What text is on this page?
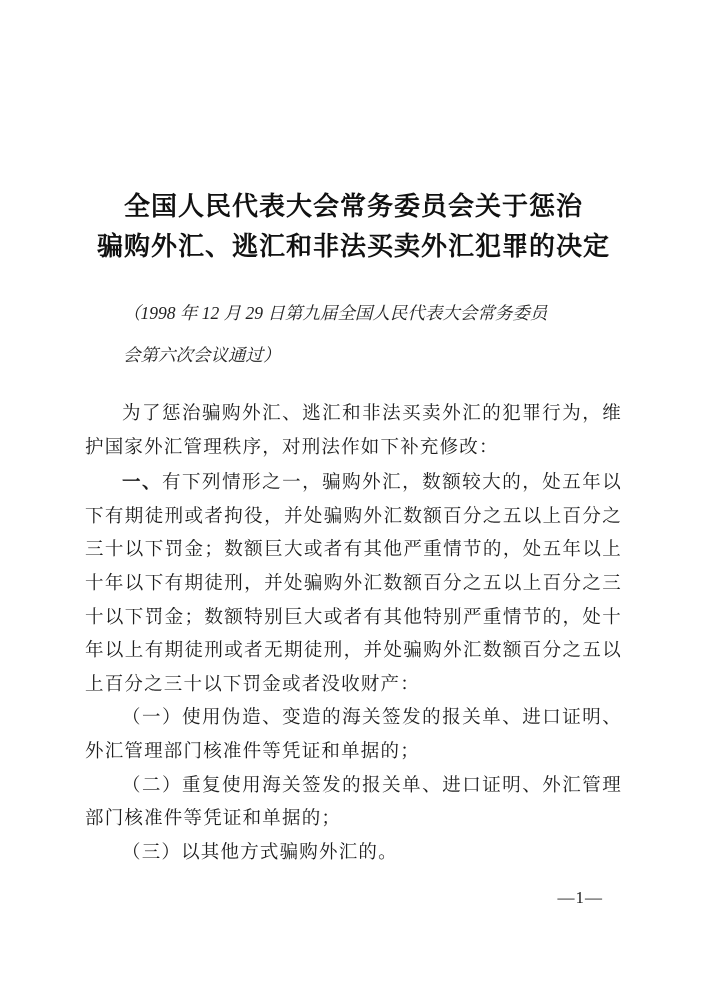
全国人民代表大会常务委员会关于惩治
骗购外汇、逃汇和非法买卖外汇犯罪的决定
（1998 年 12 月 29 日第九届全国人民代表大会常务委员
会第六次会议通过）

为了惩治骗购外汇、逃汇和非法买卖外汇的犯罪行为，维护国家外汇管理秩序，对刑法作如下补充修改：

一、有下列情形之一，骗购外汇，数额较大的，处五年以下有期徒刑或者拘役，并处骗购外汇数额百分之五以上百分之三十以下罚金；数额巨大或者有其他严重情节的，处五年以上十年以下有期徒刑，并处骗购外汇数额百分之五以上百分之三十以下罚金；数额特别巨大或者有其他特别严重情节的，处十年以上有期徒刑或者无期徒刑，并处骗购外汇数额百分之五以上百分之三十以下罚金或者没收财产：

（一）使用伪造、变造的海关签发的报关单、进口证明、外汇管理部门核准件等凭证和单据的；

（二）重复使用海关签发的报关单、进口证明、外汇管理部门核准件等凭证和单据的；

（三）以其他方式骗购外汇的。

—1—
